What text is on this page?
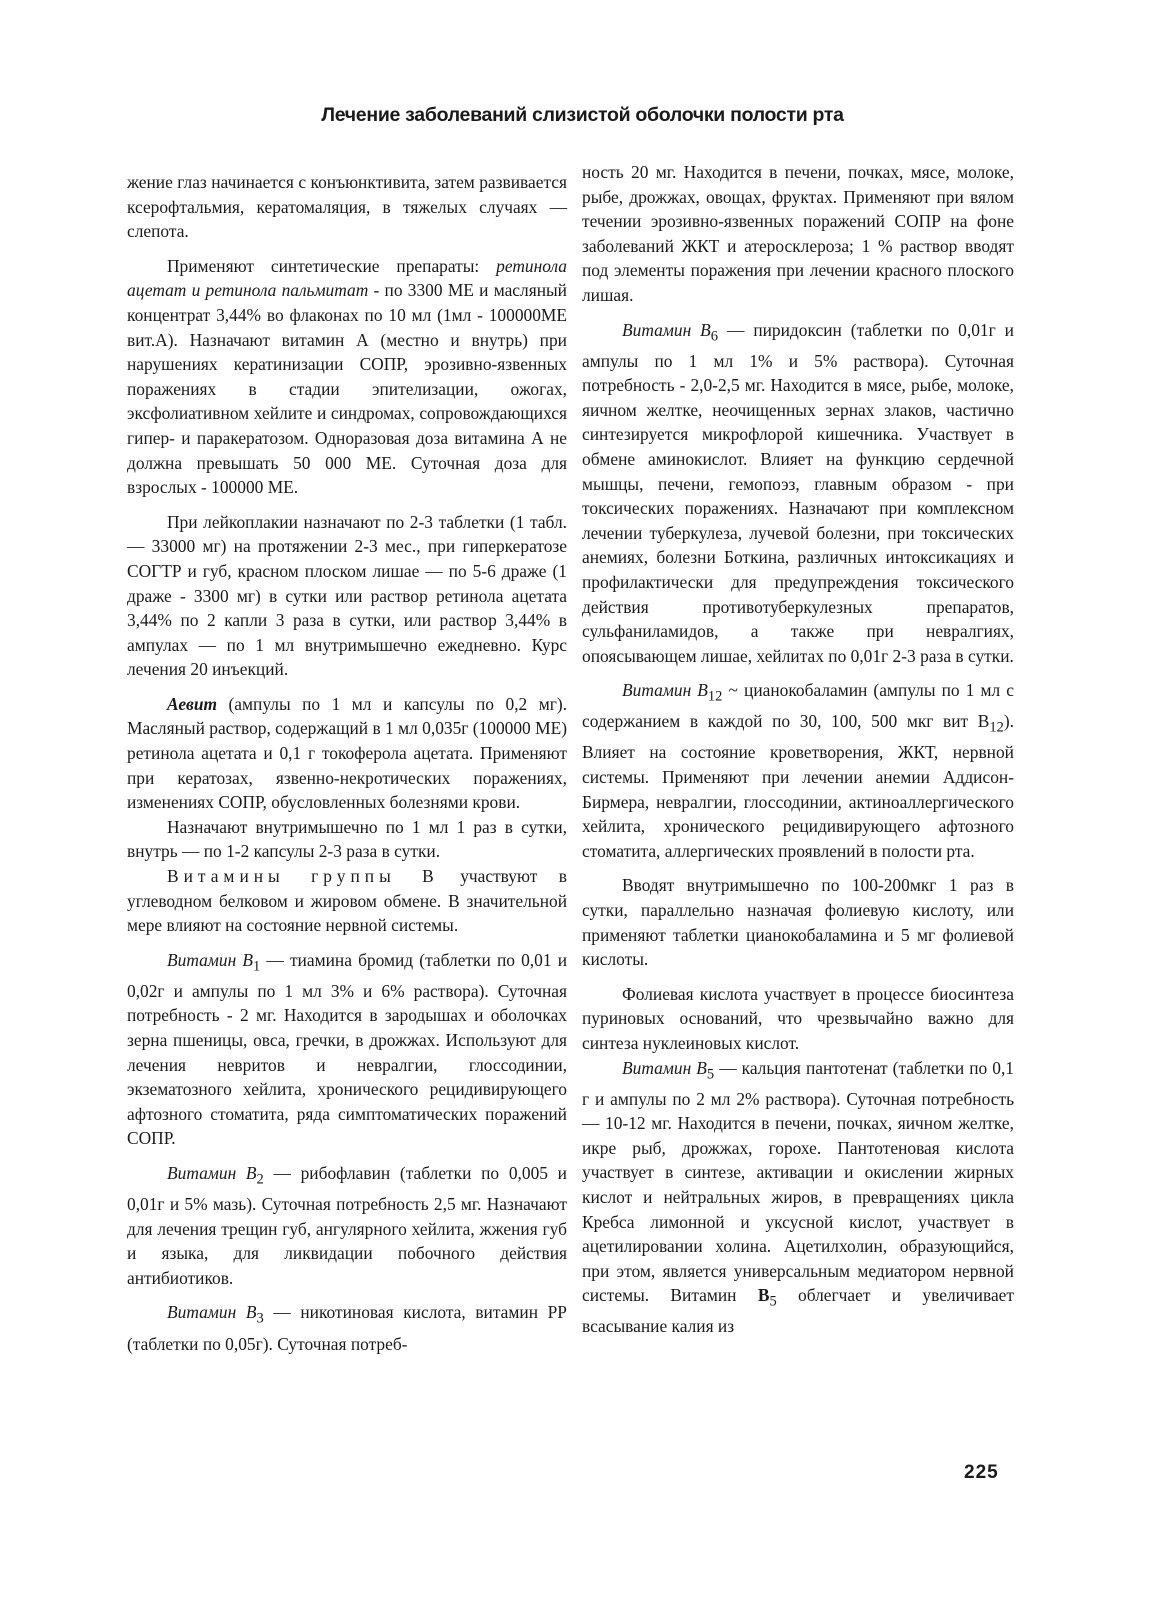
Лечение заболеваний слизистой оболочки полости рта

жение глаз начинается с конъюнктивита, затем развивается ксерофтальмия, кератомаляция, в тяжелых случаях — слепота.

Применяют синтетические препараты: ретинола ацетат и ретинола пальмитат - по 3300 МЕ и масляный концентрат 3,44% во флаконах по 10 мл (1мл - 100000МЕ вит.А). Назначают витамин А (местно и внутрь) при нарушениях кератинизации СОПР, эрозивно-язвенных поражениях в стадии эпителизации, ожогах, эксфолиативном хейлите и синдромах, сопровождающихся гипер- и паракератозом. Одноразовая доза витамина А не должна превышать 50 000 МЕ. Суточная доза для взрослых - 100000 МЕ.

При лейкоплакии назначают по 2-3 таблетки (1 табл. — 33000 мг) на протяжении 2-3 мес., при гиперкератозе СОГТР и губ, красном плоском лишае — по 5-6 драже (1 драже - 3300 мг) в сутки или раствор ретинола ацетата 3,44% по 2 капли 3 раза в сутки, или раствор 3,44% в ампулах — по 1 мл внутримышечно ежедневно. Курс лечения 20 инъекций.

Аевит (ампулы по 1 мл и капсулы по 0,2 мг). Масляный раствор, содержащий в 1 мл 0,035г (100000 МЕ) ретинола ацетата и 0,1 г токоферола ацетата. Применяют при кератозах, язвенно-некротических поражениях, изменениях СОПР, обусловленных болезнями крови.

Назначают внутримышечно по 1 мл 1 раз в сутки, внутрь — по 1-2 капсулы 2-3 раза в сутки.

Витамины группы В участвуют в углеводном белковом и жировом обмене. В значительной мере влияют на состояние нервной системы.

Витамин $B_1$ — тиамина бромид (таблетки по 0,01 и 0,02г и ампулы по 1 мл 3% и 6% раствора). Суточная потребность - 2 мг. Находится в зародышах и оболочках зерна пшеницы, овса, гречки, в дрожжах. Используют для лечения невритов и невралгии, глоссодинии, экзематозного хейлита, хронического рецидивирующего афтозного стоматита, ряда симптоматических поражений СОПР.

Витамин $B_2$ — рибофлавин (таблетки по 0,005 и 0,01г и 5% мазь). Суточная потребность 2,5 мг. Назначают для лечения трещин губ, ангулярного хейлита, жжения губ и языка, для ликвидации побочного действия антибиотиков.

Витамин $B_3$ — никотиновая кислота, витамин РР (таблетки по 0,05г). Суточная потреб-

ность 20 мг. Находится в печени, почках, мясе, молоке, рыбе, дрожжах, овощах, фруктах. Применяют при вялом течении эрозивно-язвенных поражений СОПР на фоне заболеваний ЖКТ и атеросклероза; 1 % раствор вводят под элементы поражения при лечении красного плоского лишая.

Витамин $B_6$ — пиридоксин (таблетки по 0,01г и ампулы по 1 мл 1% и 5% раствора). Суточная потребность - 2,0-2,5 мг. Находится в мясе, рыбе, молоке, яичном желтке, неочищенных зернах злаков, частично синтезируется микрофлорой кишечника. Участвует в обмене аминокислот. Влияет на функцию сердечной мышцы, печени, гемопоэз, главным образом - при токсических поражениях. Назначают при комплексном лечении туберкулеза, лучевой болезни, при токсических анемиях, болезни Боткина, различных интоксикациях и профилактически для предупреждения токсического действия противотуберкулезных препаратов, сульфаниламидов, а также при невралгиях, опоясывающем лишае, хейлитах по 0,01г 2-3 раза в сутки.

Витамин $B_{12}$ ~ цианокобаламин (ампулы по 1 мл с содержанием в каждой по 30, 100, 500 мкг вит $B_{12}$). Влияет на состояние кроветворения, ЖКТ, нервной системы. Применяют при лечении анемии Аддисон-Бирмера, невралгии, глоссодинии, актиноаллергического хейлита, хронического рецидивирующего афтозного стоматита, аллергических проявлений в полости рта.

Вводят внутримышечно по 100-200мкг 1 раз в сутки, параллельно назначая фолиевую кислоту, или применяют таблетки цианокобаламина и 5 мг фолиевой кислоты.

Фолиевая кислота участвует в процессе биосинтеза пуриновых оснований, что чрезвычайно важно для синтеза нуклеиновых кислот.

Витамин $B_5$ — кальция пантотенат (таблетки по 0,1 г и ампулы по 2 мл 2% раствора). Суточная потребность — 10-12 мг. Находится в печени, почках, яичном желтке, икре рыб, дрожжах, горохе. Пантотеновая кислота участвует в синтезе, активации и окислении жирных кислот и нейтральных жиров, в превращениях цикла Кребса лимонной и уксусной кислот, участвует в ацетилировании холина. Ацетилхолин, образующийся, при этом, является универсальным медиатором нервной системы. Витамин $B_5$ облегчает и увеличивает всасывание калия из

225
